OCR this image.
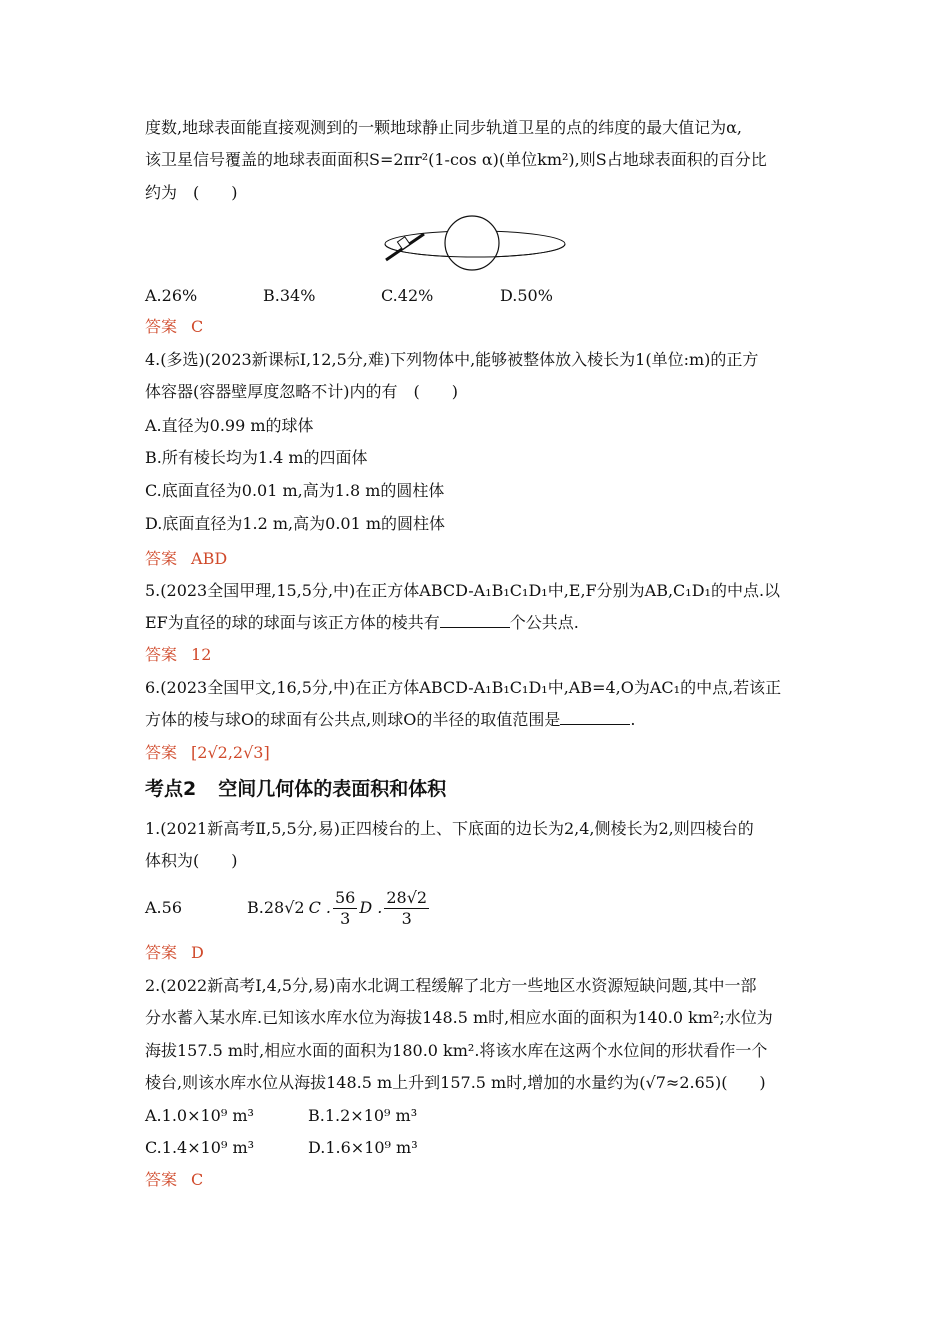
度数,地球表面能直接观测到的一颗地球静止同步轨道卫星的点的纬度的最大值记为α,
该卫星信号覆盖的地球表面面积S=2πr²(1-cos α)(单位km²),则S占地球表面积的百分比
约为　(　　)
A.26%	B.34%	C.42%	D.50%
答案 C
4.(多选)(2023新课标Ⅰ,12,5分,难)下列物体中,能够被整体放入棱长为1(单位:m)的正方
体容器(容器壁厚度忽略不计)内的有　(　　)
A.直径为0.99 m的球体
B.所有棱长均为1.4 m的四面体
C.底面直径为0.01 m,高为1.8 m的圆柱体
D.底面直径为1.2 m,高为0.01 m的圆柱体
答案 ABD
5.(2023全国甲理,15,5分,中)在正方体ABCD-A₁B₁C₁D₁中,E,F分别为AB,C₁D₁的中点.以
EF为直径的球的球面与该正方体的棱共有	个公共点.
答案 12
6.(2023全国甲文,16,5分,中)在正方体ABCD-A₁B₁C₁D₁中,AB=4,O为AC₁的中点,若该正
方体的棱与球O的球面有公共点,则球O的半径的取值范围是	.
答案 [2√2,2√3]
考点2 空间几何体的表面积和体积
1.(2021新高考Ⅱ,5,5分,易)正四棱台的上、下底面的边长为2,4,侧棱长为2,则四棱台的
体积为(　　)
A.56	B.28√2 C . $\frac{56}{3}$ D . $\frac{28√2}{3}$
答案 D
2.(2022新高考Ⅰ,4,5分,易)南水北调工程缓解了北方一些地区水资源短缺问题,其中一部
分水蓄入某水库.已知该水库水位为海拔148.5 m时,相应水面的面积为140.0 km²;水位为
海拔157.5 m时,相应水面的面积为180.0 km².将该水库在这两个水位间的形状看作一个
棱台,则该水库水位从海拔148.5 m上升到157.5 m时,增加的水量约为(√7≈2.65)(　　)
A.1.0×10⁹ m³	B.1.2×10⁹ m³
C.1.4×10⁹ m³	D.1.6×10⁹ m³
答案 C
